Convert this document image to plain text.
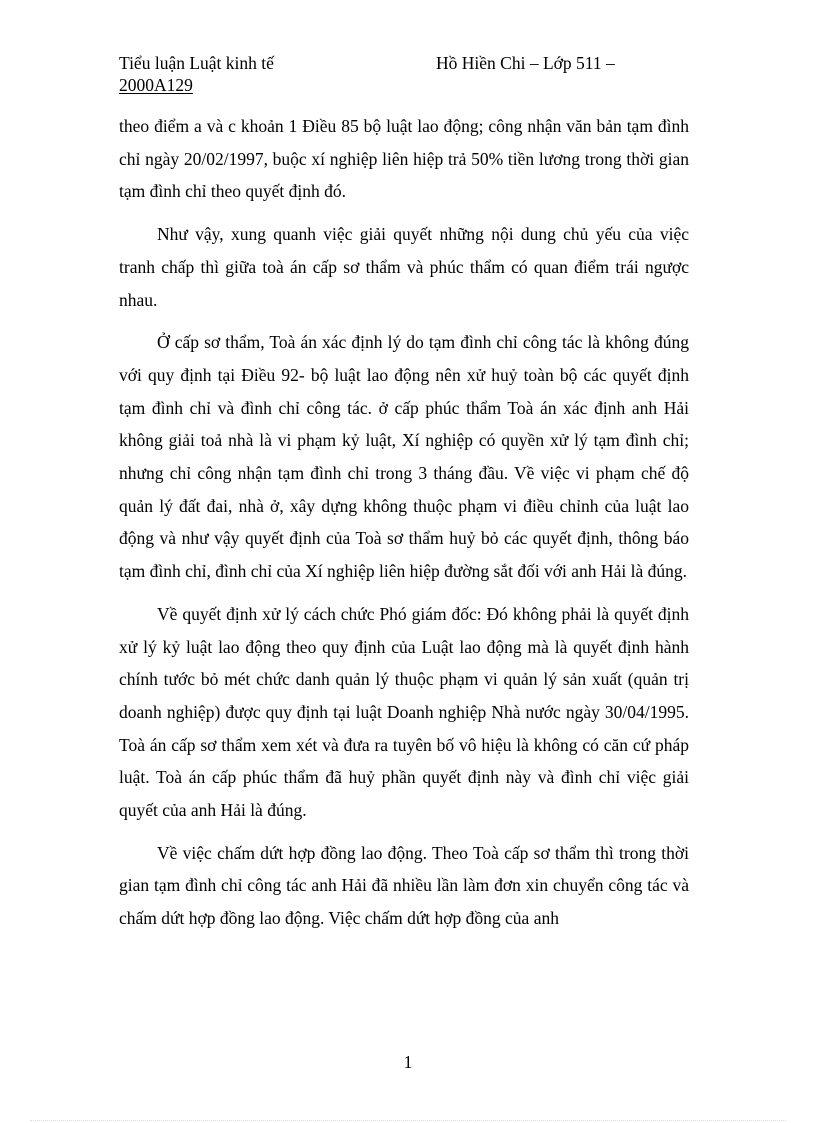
Tiểu luận Luật kinh tế	Hồ Hiền Chi – Lớp 511 –
2000A129

theo điểm a và c khoản 1 Điều 85 bộ luật lao động; công nhận văn bản tạm đình chỉ ngày 20/02/1997, buộc xí nghiệp liên hiệp trả 50% tiền lương trong thời gian tạm đình chỉ theo quyết định đó.

Như vậy, xung quanh việc giải quyết những nội dung chủ yếu của việc tranh chấp thì giữa toà án cấp sơ thẩm và phúc thẩm có quan điểm trái ngược nhau.

Ở cấp sơ thẩm, Toà án xác định lý do tạm đình chỉ công tác là không đúng với quy định tại Điều 92- bộ luật lao động nên xử huỷ toàn bộ các quyết định tạm đình chỉ và đình chỉ công tác. ở cấp phúc thẩm Toà án xác định anh Hải không giải toả nhà là vi phạm kỷ luật, Xí nghiệp có quyền xử lý tạm đình chỉ; nhưng chỉ công nhận tạm đình chỉ trong 3 tháng đầu. Về việc vi phạm chế độ quản lý đất đai, nhà ở, xây dựng không thuộc phạm vi điều chỉnh của luật lao động và như vậy quyết định của Toà sơ thẩm huỷ bỏ các quyết định, thông báo tạm đình chỉ, đình chỉ của Xí nghiệp liên hiệp đường sắt đối với anh Hải là đúng.

Về quyết định xử lý cách chức Phó giám đốc: Đó không phải là quyết định xử lý kỷ luật lao động theo quy định của Luật lao động mà là quyết định hành chính tước bỏ mét chức danh quản lý thuộc phạm vi quản lý sản xuất (quản trị doanh nghiệp) được quy định tại luật Doanh nghiệp Nhà nước ngày 30/04/1995. Toà án cấp sơ thẩm xem xét và đưa ra tuyên bố vô hiệu là không có căn cứ pháp luật. Toà án cấp phúc thẩm đã huỷ phần quyết định này và đình chỉ việc giải quyết của anh Hải là đúng.

Về việc chấm dứt hợp đồng lao động. Theo Toà cấp sơ thẩm thì trong thời gian tạm đình chỉ công tác anh Hải đã nhiều lần làm đơn xin chuyển công tác và chấm dứt hợp đồng lao động. Việc chấm dứt hợp đồng của anh

1
